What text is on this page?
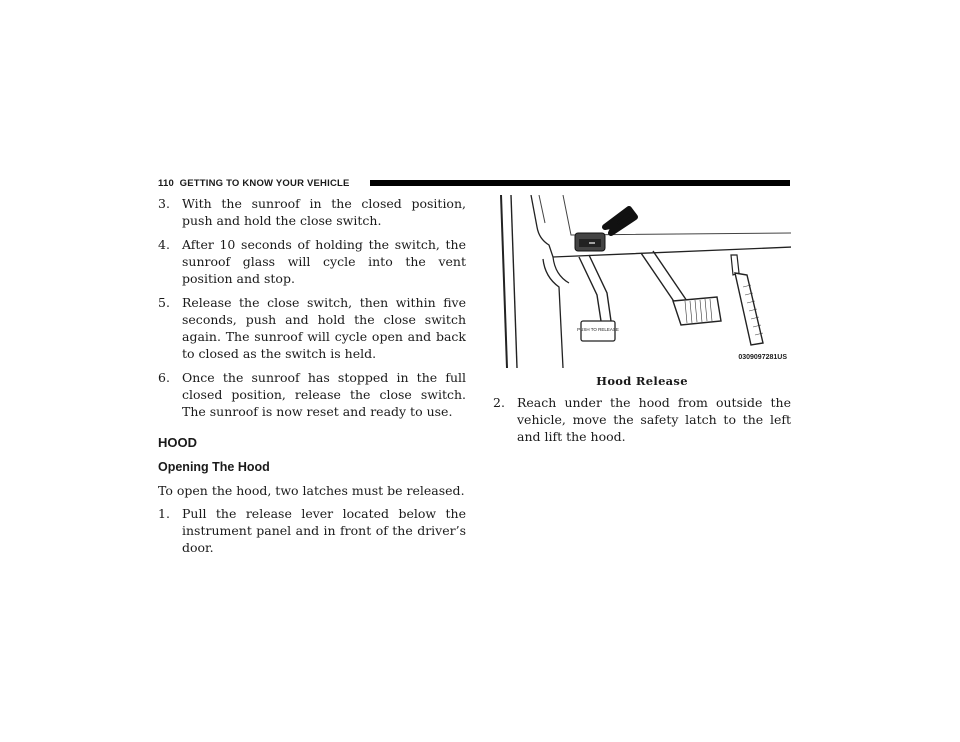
110 GETTING TO KNOW YOUR VEHICLE
3. With the sunroof in the closed position, push and hold the close switch.
4. After 10 seconds of holding the switch, the sunroof glass will cycle into the vent position and stop.
5. Release the close switch, then within five seconds, push and hold the close switch again. The sunroof will cycle open and back to closed as the switch is held.
6. Once the sunroof has stopped in the full closed position, release the close switch. The sunroof is now reset and ready to use.
HOOD
Opening The Hood

To open the hood, two latches must be released.

1. Pull the release lever located below the instrument panel and in front of the driver’s door.
PUSH TO RELEASE
0309097281US
Hood Release
2. Reach under the hood from outside the vehicle, move the safety latch to the left and lift the hood.
